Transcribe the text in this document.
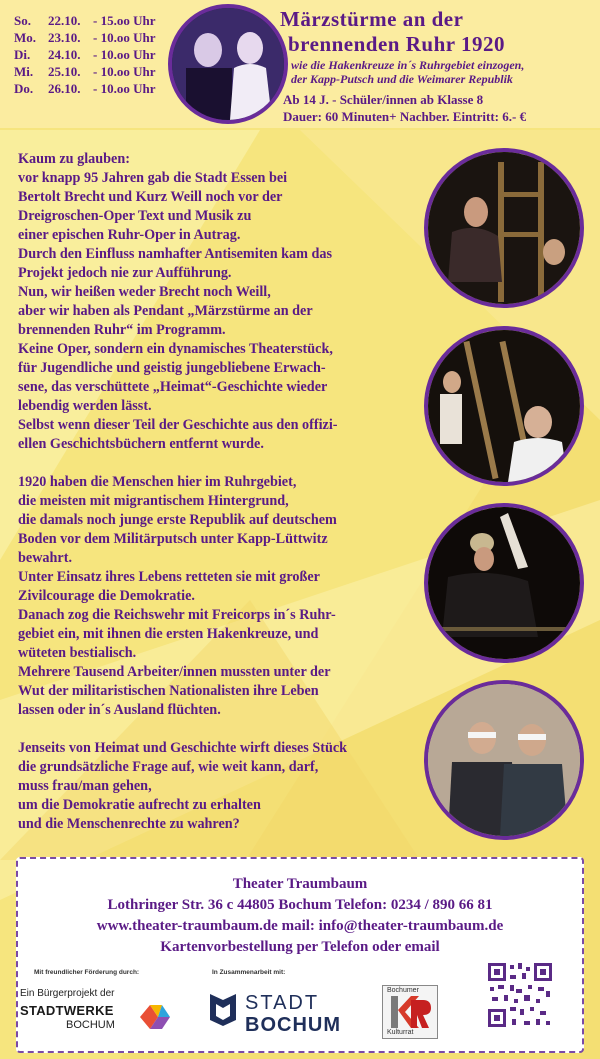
So.	22.10. - 15.oo Uhr
Mo. 23.10. - 10.oo Uhr
Di.	24.10. - 10.oo Uhr
Mi.	25.10. - 10.oo Uhr
Do.	26.10. - 10.oo Uhr
Märzstürme an der
brennenden Ruhr 1920
wie die Hakenkreuze in´s Ruhrgebiet einzogen,
der Kapp-Putsch und die Weimarer Republik
Ab 14 J. - Schüler/innen ab Klasse 8
Dauer: 60 Minuten+ Nachber. Eintritt: 6.- €

Kaum zu glauben:
vor knapp 95 Jahren gab die Stadt Essen bei
Bertolt Brecht und Kurz Weill noch vor der
Dreigroschen-Oper Text und Musik zu
einer epischen Ruhr-Oper in Autrag.
Durch den Einfluss namhafter Antisemiten kam das
Projekt jedoch nie zur Aufführung.
Nun, wir heißen weder Brecht noch Weill,
aber wir haben als Pendant „Märzstürme an der
brennenden Ruhr“ im Programm.
Keine Oper, sondern ein dynamisches Theaterstück,
für Jugendliche und geistig jungebliebene Erwach-
sene, das verschüttete „Heimat“-Geschichte wieder
lebendig werden lässt.
Selbst wenn dieser Teil der Geschichte aus den offizi-
ellen Geschichtsbüchern entfernt wurde.

1920 haben die Menschen hier im Ruhrgebiet,
die meisten mit migrantischem Hintergrund,
die damals noch junge erste Republik auf deutschem
Boden vor dem Militärputsch unter Kapp-Lüttwitz
bewahrt.
Unter Einsatz ihres Lebens retteten sie mit großer
Zivilcourage die Demokratie.
Danach zog die Reichswehr mit Freicorps in´s Ruhr-
gebiet ein, mit ihnen die ersten Hakenkreuze, und
wüteten bestialisch.
Mehrere Tausend Arbeiter/innen mussten unter der
Wut der militaristischen Nationalisten ihre Leben
lassen oder in´s Ausland flüchten.

Jenseits von Heimat und Geschichte wirft dieses Stück
die grundsätzliche Frage auf, wie weit kann, darf,
muss frau/man gehen,
um die Demokratie aufrecht zu erhalten
und die Menschenrechte zu wahren?

Theater Traumbaum
Lothringer Str. 36 c 44805 Bochum Telefon: 0234 / 890 66 81
www.theater-traumbaum.de mail: info@theater-traumbaum.de
Kartenvorbestellung per Telefon oder email
Mit freundlicher Förderung durch:	In Zusammenarbeit mit:
Ein Bürgerprojekt der
STADTWERKE
BOCHUM
STADT
BOCHUM
Bochumer
Kulturrat
